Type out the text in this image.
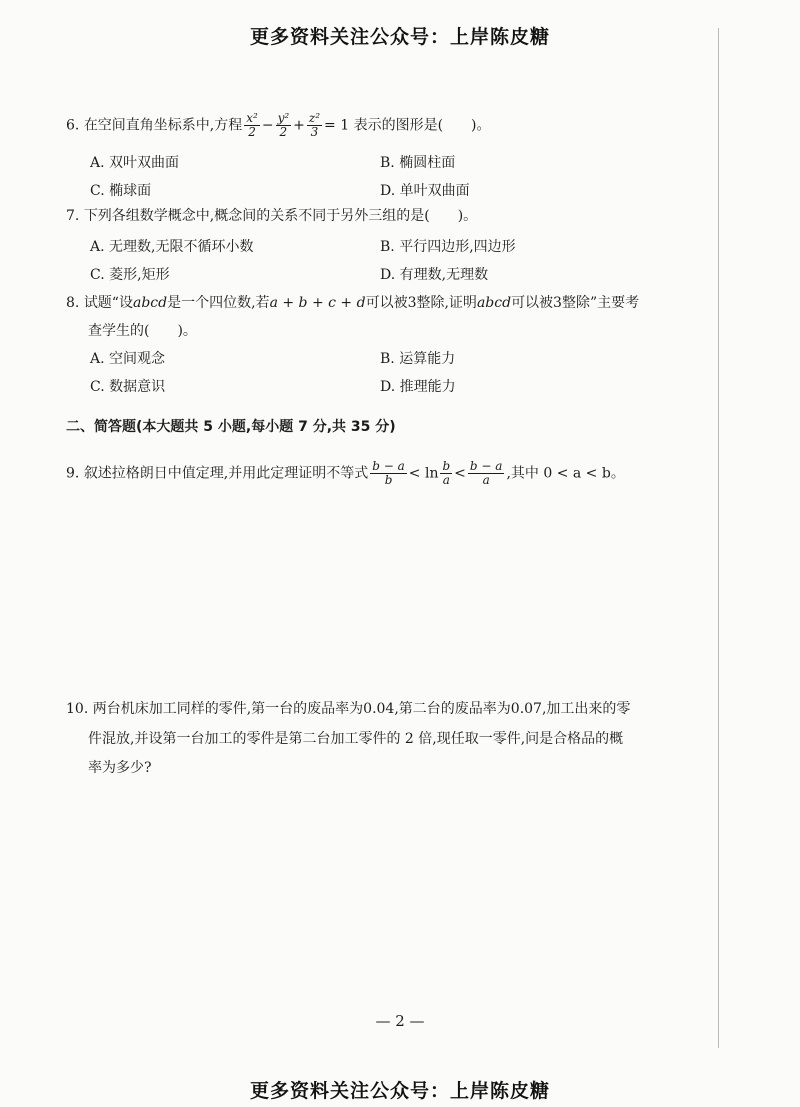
更多资料关注公众号：上岸陈皮糖
6. 在空间直角坐标系中,方程 $\frac{\text{x²}}{2} - \frac{\text{y²}}{2} + \frac{\text{z²}}{3} = 1$ 表示的图形是(　　)。
A. 双叶双曲面	B. 椭圆柱面
C. 椭球面	D. 单叶双曲面
7. 下列各组数学概念中,概念间的关系不同于另外三组的是(　　)。
A. 无理数,无限不循环小数	B. 平行四边形,四边形
C. 菱形,矩形	D. 有理数,无理数
8. 试题“设abcd是一个四位数,若a + b + c + d可以被3整除,证明abcd可以被3整除”主要考
查学生的(　　)。
A. 空间观念	B. 运算能力
C. 数据意识	D. 推理能力
二、简答题(本大题共 5 小题,每小题 7 分,共 35 分)
9. 叙述拉格朗日中值定理,并用此定理证明不等式 $\frac{b - a}{b} < \ln \frac{b}{a} < \frac{b - a}{a}$ ,其中 0 < a < b。
10. 两台机床加工同样的零件,第一台的废品率为0.04,第二台的废品率为0.07,加工出来的零
件混放,并设第一台加工的零件是第二台加工零件的 2 倍,现任取一零件,问是合格品的概
率为多少?
— 2 —
更多资料关注公众号：上岸陈皮糖
